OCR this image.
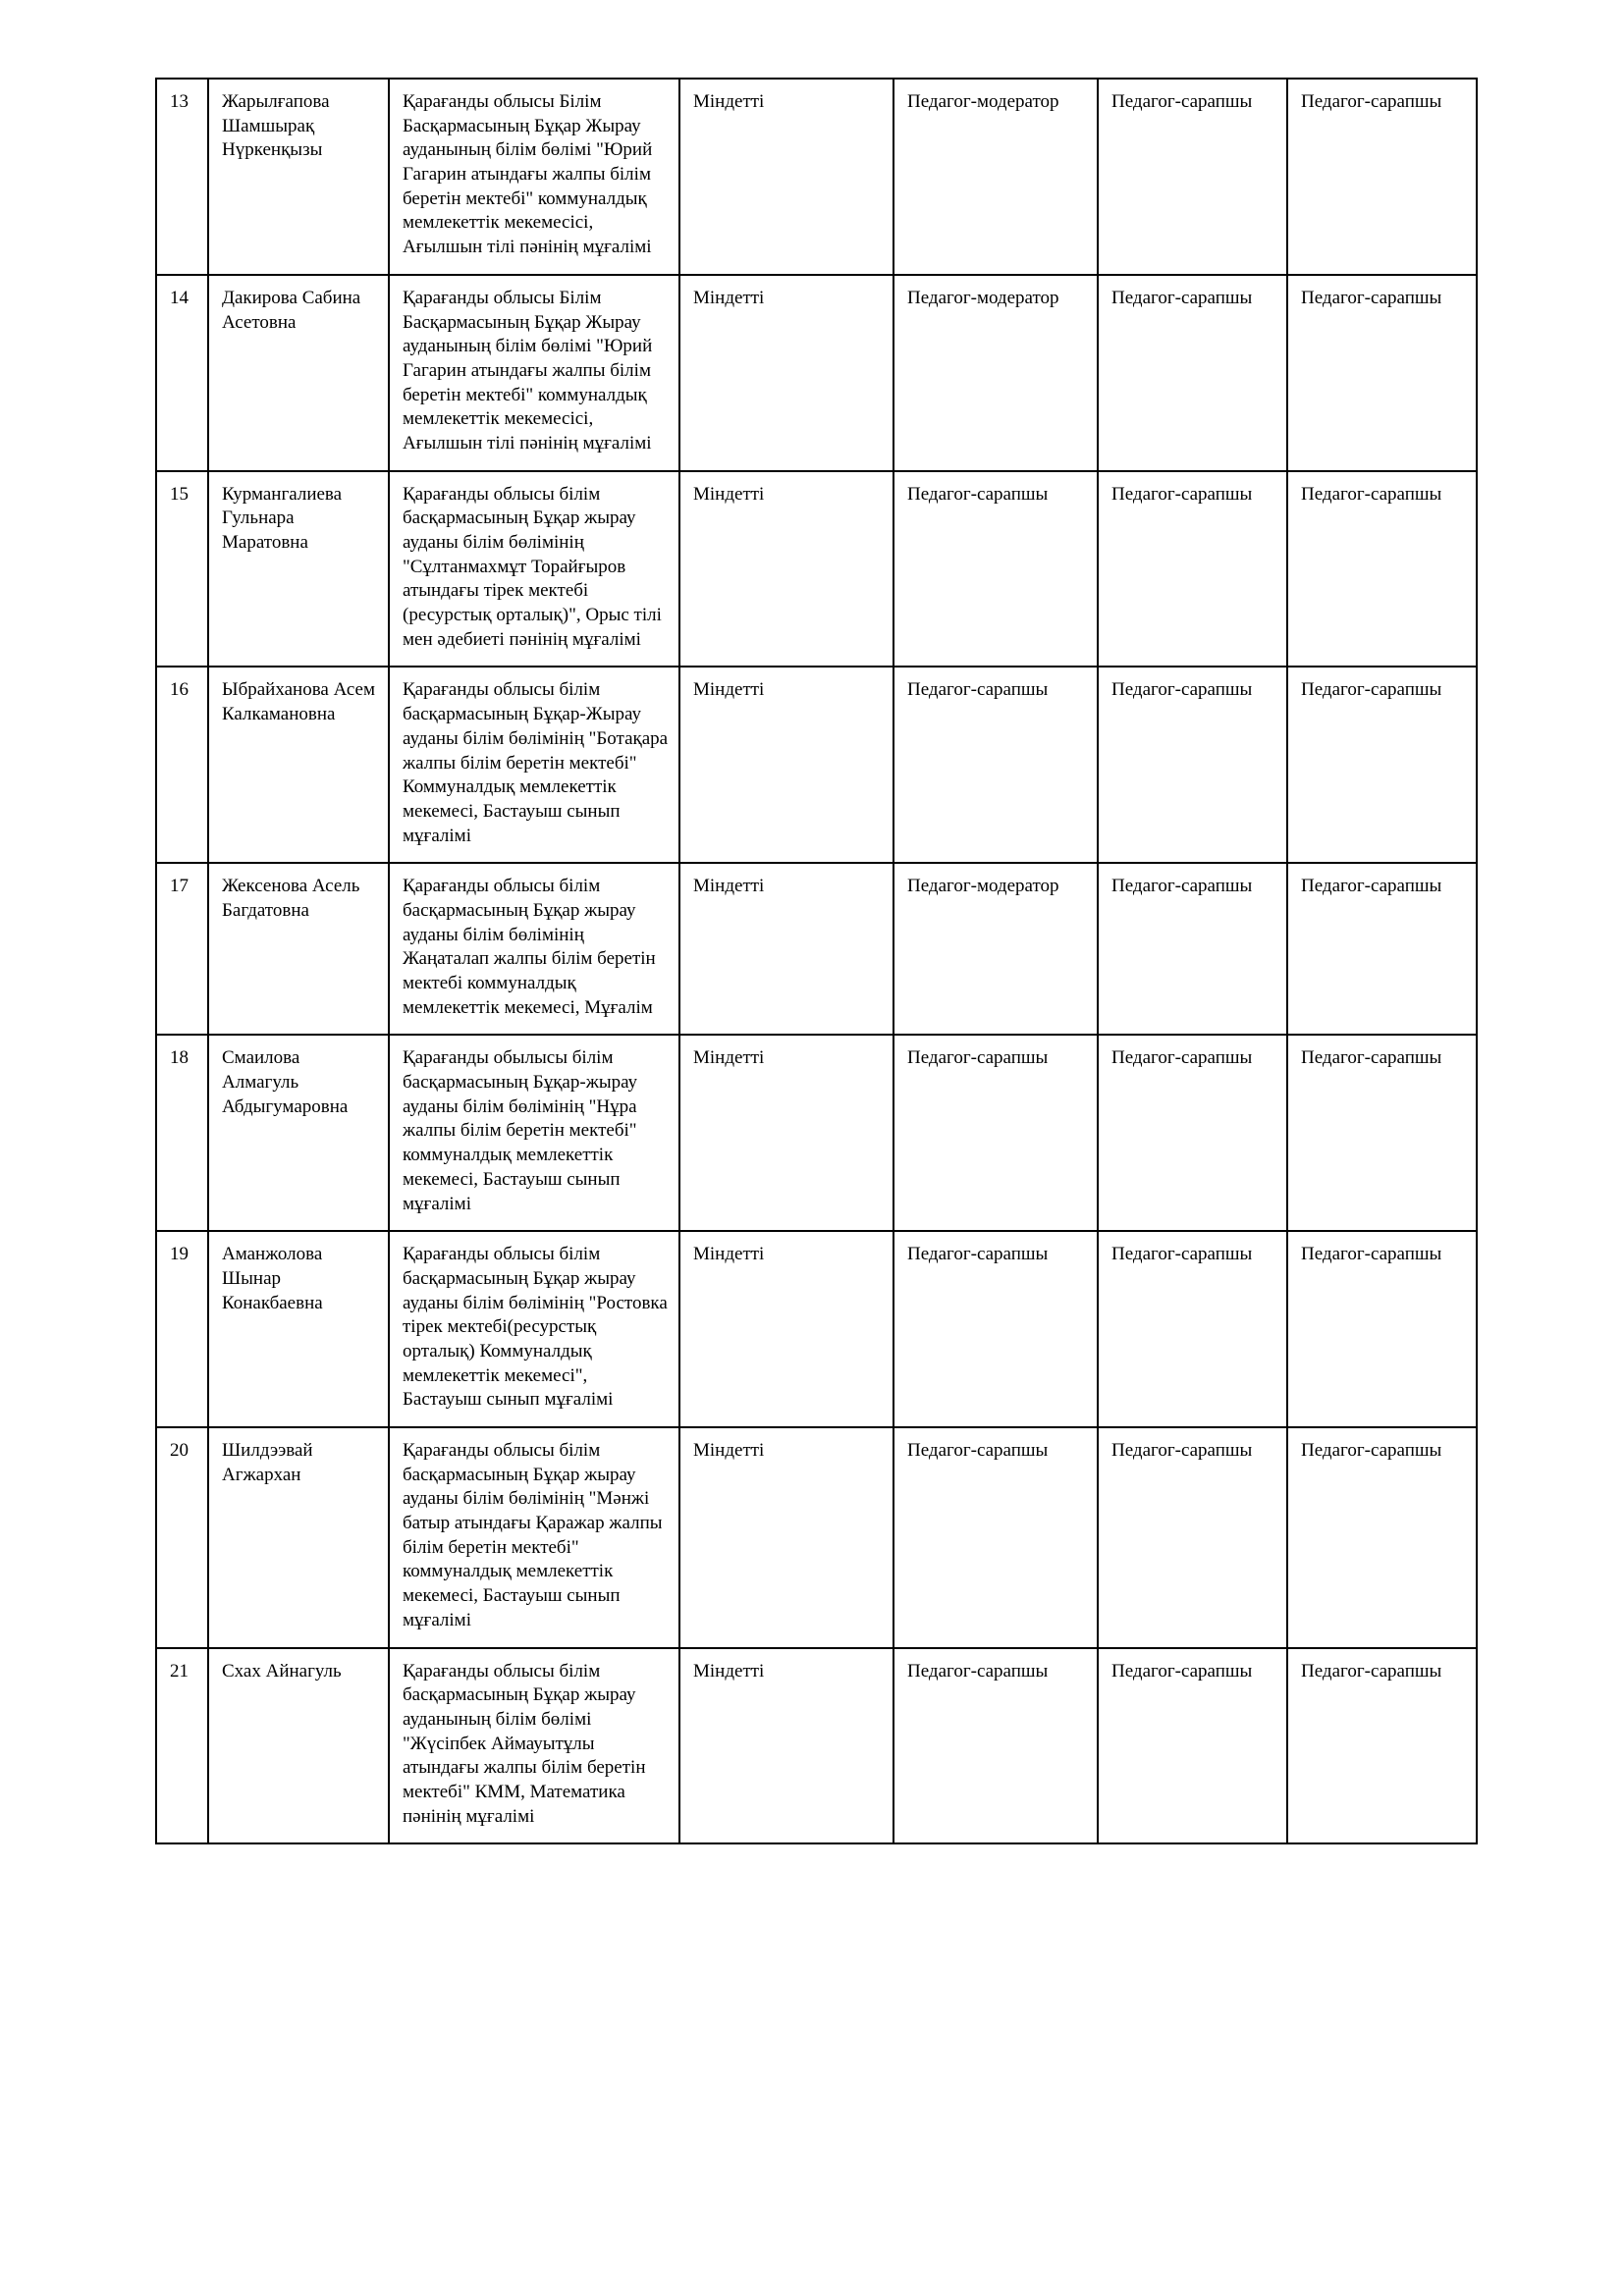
13	Жарылғапова Шамшырақ Нүркенқызы	Қарағанды облысы Білім Басқармасының Бұқар Жырау ауданының білім бөлімі "Юрий Гагарин атындағы жалпы білім беретін мектебі" коммуналдық мемлекеттік мекемесісі, Ағылшын тілі пәнінің мұғалімі	Міндетті	Педагог-модератор	Педагог-сарапшы	Педагог-сарапшы
14	Дакирова Сабина Асетовна	Қарағанды облысы Білім Басқармасының Бұқар Жырау ауданының білім бөлімі "Юрий Гагарин атындағы жалпы білім беретін мектебі" коммуналдық мемлекеттік мекемесісі, Ағылшын тілі пәнінің мұғалімі	Міндетті	Педагог-модератор	Педагог-сарапшы	Педагог-сарапшы
15	Курмангалиева Гульнара Маратовна	Қарағанды облысы білім басқармасының Бұқар жырау ауданы білім бөлімінің "Сұлтанмахмұт Торайғыров атындағы тірек мектебі (ресурстық орталық)", Орыс тілі мен әдебиеті пәнінің мұғалімі	Міндетті	Педагог-сарапшы	Педагог-сарапшы	Педагог-сарапшы
16	Ыбрайханова Асем Калкамановна	Қарағанды облысы білім басқармасының Бұқар-Жырау ауданы білім бөлімінің "Ботақара жалпы білім беретін мектебі" Коммуналдық мемлекеттік мекемесі, Бастауыш сынып мұғалімі	Міндетті	Педагог-сарапшы	Педагог-сарапшы	Педагог-сарапшы
17	Жексенова Асель Багдатовна	Қарағанды облысы білім басқармасының Бұқар жырау ауданы білім бөлімінің Жаңаталап жалпы білім беретін мектебі коммуналдық мемлекеттік мекемесі, Мұғалім	Міндетті	Педагог-модератор	Педагог-сарапшы	Педагог-сарапшы
18	Смаилова Алмагуль Абдыгумаровна	Қарағанды обылысы білім басқармасының Бұқар-жырау ауданы білім бөлімінің "Нұра жалпы білім беретін мектебі" коммуналдық мемлекеттік мекемесі, Бастауыш сынып мұғалімі	Міндетті	Педагог-сарапшы	Педагог-сарапшы	Педагог-сарапшы
19	Аманжолова Шынар Конакбаевна	Қарағанды облысы білім басқармасының Бұқар жырау ауданы білім бөлімінің "Ростовка тірек мектебі(ресурстық орталық) Коммуналдық мемлекеттік мекемесі", Бастауыш сынып мұғалімі	Міндетті	Педагог-сарапшы	Педагог-сарапшы	Педагог-сарапшы
20	Шилдээвай Агжархан	Қарағанды облысы білім басқармасының Бұқар жырау ауданы білім бөлімінің "Мәнжі батыр атындағы Қаражар жалпы білім беретін мектебі" коммуналдық мемлекеттік мекемесі, Бастауыш сынып мұғалімі	Міндетті	Педагог-сарапшы	Педагог-сарапшы	Педагог-сарапшы
21	Схах Айнагуль	Қарағанды облысы білім басқармасының Бұқар жырау ауданының білім бөлімі "Жүсіпбек Аймауытұлы атындағы жалпы білім беретін мектебі" КММ, Математика пәнінің мұғалімі	Міндетті	Педагог-сарапшы	Педагог-сарапшы	Педагог-сарапшы
